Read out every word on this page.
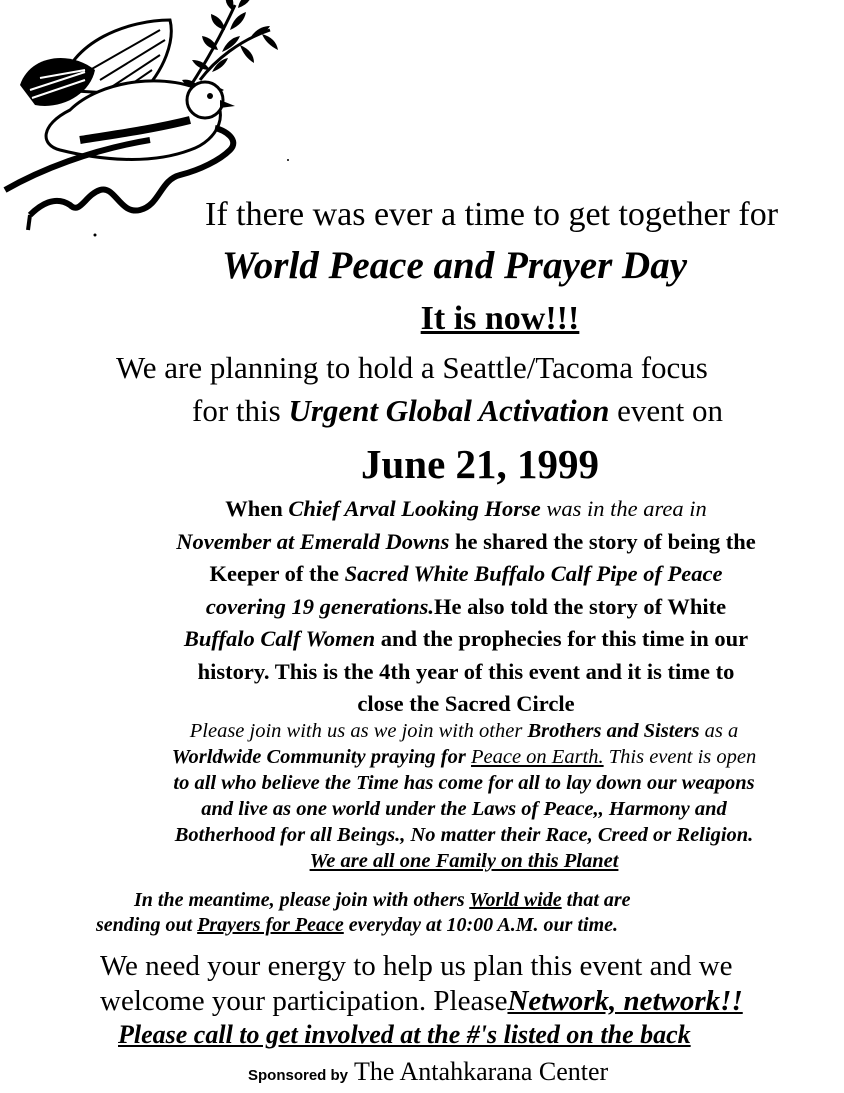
If there was ever a time to get together for
World Peace and Prayer Day
It is now!!!
We are planning to hold a Seattle/Tacoma focus
for this Urgent Global Activation event on
June 21, 1999
When Chief Arval Looking Horse was in the area in
November at Emerald Downs he shared the story of being the
Keeper of the Sacred White Buffalo Calf Pipe of Peace
covering 19 generations.He also told the story of White
Buffalo Calf Women and the prophecies for this time in our
history. This is the 4th year of this event and it is time to
close the Sacred Circle
Please join with us as we join with other Brothers and Sisters as a
Worldwide Community praying for Peace on Earth. This event is open
to all who believe the Time has come for all to lay down our weapons
and live as one world under the Laws of Peace,, Harmony and
Botherhood for all Beings., No matter their Race, Creed or Religion.
We are all one Family on this Planet
In the meantime, please join with others World wide that are
sending out Prayers for Peace everyday at 10:00 A.M. our time.
We need your energy to help us plan this event and we
welcome your participation. PleaseNetwork, network!!
Please call to get involved at the #'s listed on the back
Sponsored by The Antahkarana Center
